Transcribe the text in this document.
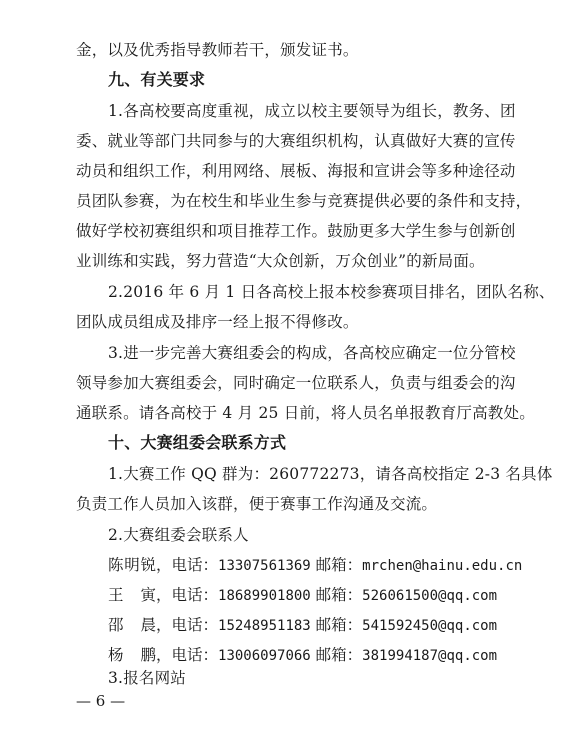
金，以及优秀指导教师若干，颁发证书。
九、有关要求
1.各高校要高度重视，成立以校主要领导为组长，教务、团
委、就业等部门共同参与的大赛组织机构，认真做好大赛的宣传
动员和组织工作，利用网络、展板、海报和宣讲会等多种途径动
员团队参赛，为在校生和毕业生参与竞赛提供必要的条件和支持，
做好学校初赛组织和项目推荐工作。鼓励更多大学生参与创新创
业训练和实践，努力营造“大众创新，万众创业”的新局面。
2.2016 年 6 月 1 日各高校上报本校参赛项目排名，团队名称、
团队成员组成及排序一经上报不得修改。
3.进一步完善大赛组委会的构成，各高校应确定一位分管校
领导参加大赛组委会，同时确定一位联系人，负责与组委会的沟
通联系。请各高校于 4 月 25 日前，将人员名单报教育厅高教处。
十、大赛组委会联系方式
1.大赛工作 QQ 群为：260772273，请各高校指定 2-3 名具体
负责工作人员加入该群，便于赛事工作沟通及交流。
2.大赛组委会联系人
陈明锐，电话：13307561369 邮箱：mrchen@hainu.edu.cn
王寅，电话：18689901800 邮箱：526061500@qq.com
邵晨，电话：15248951183 邮箱：541592450@qq.com
杨鹏，电话：13006097066 邮箱：381994187@qq.com
3.报名网站
— 6 —
